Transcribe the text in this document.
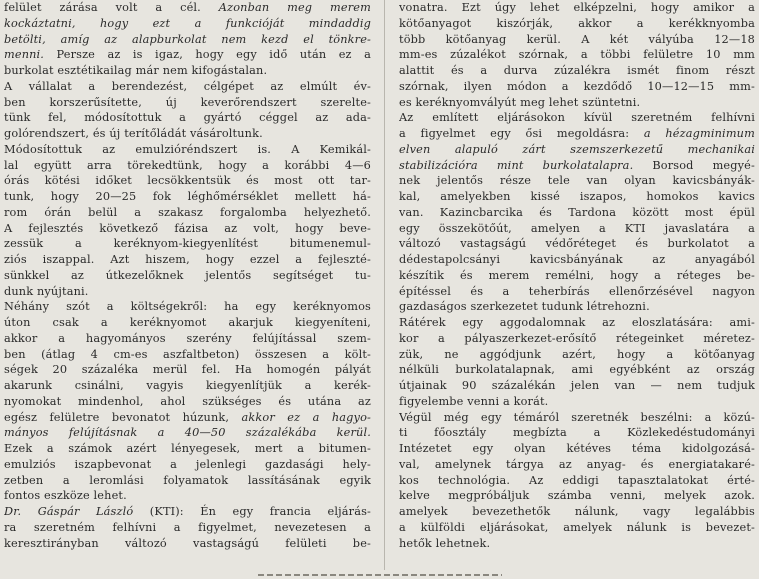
felület zárása volt a cél. Azonban meg merem
kockáztatni, hogy ezt a funkcióját mindaddig
betölti, amíg az alapburkolat nem kezd el tönkre-
menni. Persze az is igaz, hogy egy idő után ez a
burkolat esztétikailag már nem kifogástalan.
A vállalat a berendezést, célgépet az elmúlt év-
ben korszerűsítette, új keverőrendszert szerelte-
tünk fel, módosítottuk a gyártó céggel az ada-
golórendszert, és új terítőládát vásároltunk.
Módosítottuk az emulzióréndszert is. A Kemikál-
lal együtt arra törekedtünk, hogy a korábbi 4—6
órás kötési időket lecsökkentsük és most ott tar-
tunk, hogy 20—25 fok léghőmérséklet mellett há-
rom órán belül a szakasz forgalomba helyezhető.
A fejlesztés következő fázisa az volt, hogy beve-
zessük a keréknyom-kiegyenlítést bitumenemul-
ziós iszappal. Azt hiszem, hogy ezzel a fejleszté-
sünkkel az útkezelőknek jelentős segítséget tu-
dunk nyújtani.
Néhány szót a költségekről: ha egy keréknyomos
úton csak a keréknyomot akarjuk kiegyeníteni,
akkor a hagyományos szerény felújítással szem-
ben (átlag 4 cm-es aszfaltbeton) összesen a költ-
ségek 20 százaléka merül fel. Ha homogén pályát
akarunk csinálni, vagyis kiegyenlítjük a kerék-
nyomokat mindenhol, ahol szükséges és utána az
egész felületre bevonatot húzunk, akkor ez a hagyo-
mányos felújításnak a 40—50 százalékába kerül.
Ezek a számok azért lényegesek, mert a bitumen-
emulziós iszapbevonat a jelenlegi gazdasági hely-
zetben a leromlási folyamatok lassításának egyik
fontos eszköze lehet.
Dr. Gáspár László (KTI): Én egy francia eljárás-
ra szeretném felhívni a figyelmet, nevezetesen a
keresztirányban változó vastagságú felületi be-
vonatra. Ezt úgy lehet elképzelni, hogy amikor a
kötőanyagot kiszórják, akkor a kerékknyomba
több kötőanyag kerül. A két vályúba 12—18
mm-es zúzalékot szórnak, a többi felületre 10 mm
alattit és a durva zúzalékra ismét finom részt
szórnak, ilyen módon a kezdődő 10—12—15 mm-
es keréknyomvályút meg lehet szüntetni.
Az említett eljárásokon kívül szeretném felhívni
a figyelmet egy ősi megoldásra: a hézagminimum
elven alapuló zárt szemszerkezetű mechanikai
stabilizációra mint burkolatalapra. Borsod megyé-
nek jelentős része tele van olyan kavicsbányák-
kal, amelyekben kissé iszapos, homokos kavics
van. Kazincbarcika és Tardona között most épül
egy összekötőút, amelyen a KTI javaslatára a
változó vastagságú védőréteget és burkolatot a
dédestapolcsányi kavicsbányának az anyagából
készítik és merem remélni, hogy a réteges be-
építéssel és a teherbírás ellenőrzésével nagyon
gazdaságos szerkezetet tudunk létrehozni.
Rátérek egy aggodalomnak az eloszlatására: ami-
kor a pályaszerkezet-erősítő rétegeinket méretez-
zük, ne aggódjunk azért, hogy a kötőanyag
nélküli burkolatalapnak, ami egyébként az ország
útjainak 90 százalékán jelen van — nem tudjuk
figyelembe venni a korát.
Végül még egy témáról szeretnék beszélni: a közú-
ti főosztály megbízta a Közlekedéstudományi
Intézetet egy olyan kétéves téma kidolgozásá-
val, amelynek tárgya az anyag- és energiatakaré-
kos technológia. Az eddigi tapasztalatokat érté-
kelve megpróbáljuk számba venni, melyek azok.
amelyek bevezethetők nálunk, vagy legalábbis
a külföldi eljárásokat, amelyek nálunk is bevezet-
hetők lehetnek.
